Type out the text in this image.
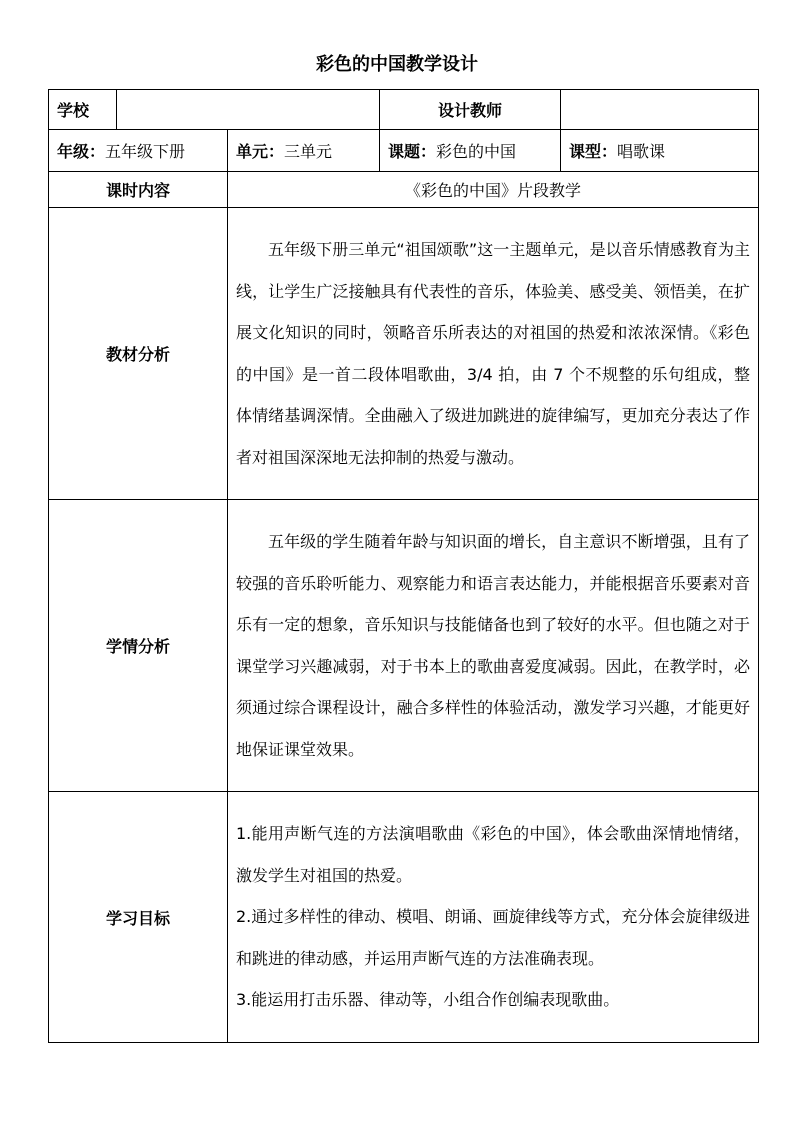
彩色的中国教学设计
学校			设计教师	
年级：五年级下册		单元：三单元	课题：彩色的中国	课型：唱歌课
课时内容		《彩色的中国》片段教学		
教材分析		五年级下册三单元“祖国颂歌”这一主题单元，是以音乐情感教育为主线，让学生广泛接触具有代表性的音乐，体验美、感受美、领悟美，在扩展文化知识的同时，领略音乐所表达的对祖国的热爱和浓浓深情。《彩色的中国》是一首二段体唱歌曲，3/4 拍，由 7 个不规整的乐句组成，整体情绪基调深情。全曲融入了级进加跳进的旋律编写，更加充分表达了作者对祖国深深地无法抑制的热爱与激动。		

学情分析		五年级的学生随着年龄与知识面的增长，自主意识不断增强，且有了较强的音乐聆听能力、观察能力和语言表达能力，并能根据音乐要素对音乐有一定的想象，音乐知识与技能储备也到了较好的水平。但也随之对于课堂学习兴趣减弱，对于书本上的歌曲喜爱度减弱。因此，在教学时，必须通过综合课程设计，融合多样性的体验活动，激发学习兴趣，才能更好地保证课堂效果。		

学习目标		1.能用声断气连的方法演唱歌曲《彩色的中国》，体会歌曲深情地情绪，激发学生对祖国的热爱。

2.通过多样性的律动、模唱、朗诵、画旋律线等方式，充分体会旋律级进和跳进的律动感，并运用声断气连的方法准确表现。

3.能运用打击乐器、律动等，小组合作创编表现歌曲。		
